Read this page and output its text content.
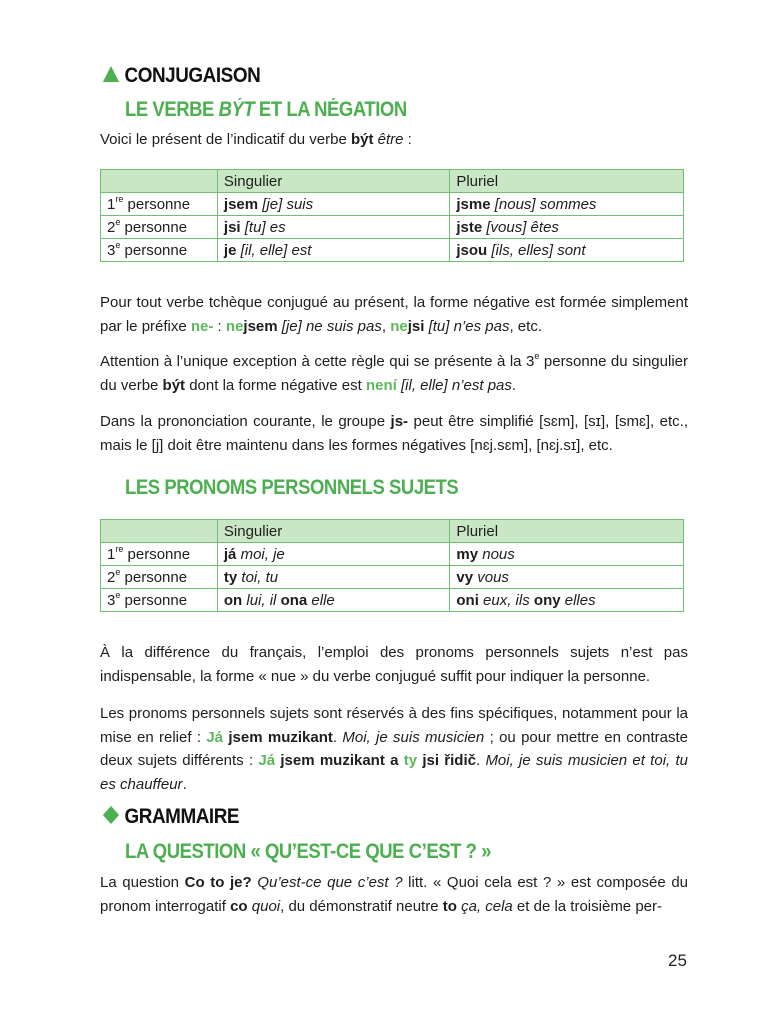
CONJUGAISON
LE VERBE BÝT ET LA NÉGATION

Voici le présent de l’indicatif du verbe být être :

	Singulier	Pluriel
1re personne	jsem [je] suis	jsme [nous] sommes
2e personne	jsi [tu] es	jste [vous] êtes
3e personne	je [il, elle] est	jsou [ils, elles] sont

Pour tout verbe tchèque conjugué au présent, la forme négative est formée simplement par le préfixe ne- : nejsem [je] ne suis pas, nejsi [tu] n’es pas, etc.

Attention à l’unique exception à cette règle qui se présente à la 3e personne du singulier du verbe být dont la forme négative est není [il, elle] n’est pas.

Dans la prononciation courante, le groupe js- peut être simplifié [sɛm], [sɪ], [smɛ], etc., mais le [j] doit être maintenu dans les formes négatives [nɛj.sɛm], [nɛj.sɪ], etc.

LES PRONOMS PERSONNELS SUJETS
	Singulier	Pluriel
1re personne	já moi, je	my nous
2e personne	ty toi, tu	vy vous
3e personne	on lui, il ona elle	oni eux, ils ony elles

À la différence du français, l’emploi des pronoms personnels sujets n’est pas indispensable, la forme « nue » du verbe conjugué suffit pour indiquer la personne.

Les pronoms personnels sujets sont réservés à des fins spécifiques, notamment pour la mise en relief : Já jsem muzikant. Moi, je suis musicien ; ou pour mettre en contraste deux sujets différents : Já jsem muzikant a ty jsi řidič. Moi, je suis musicien et toi, tu es chauffeur.

GRAMMAIRE
LA QUESTION « QU’EST-CE QUE C’EST ? »

La question Co to je? Qu’est-ce que c’est ? litt. « Quoi cela est ? » est composée du pronom interrogatif co quoi, du démonstratif neutre to ça, cela et de la troisième per-

25
